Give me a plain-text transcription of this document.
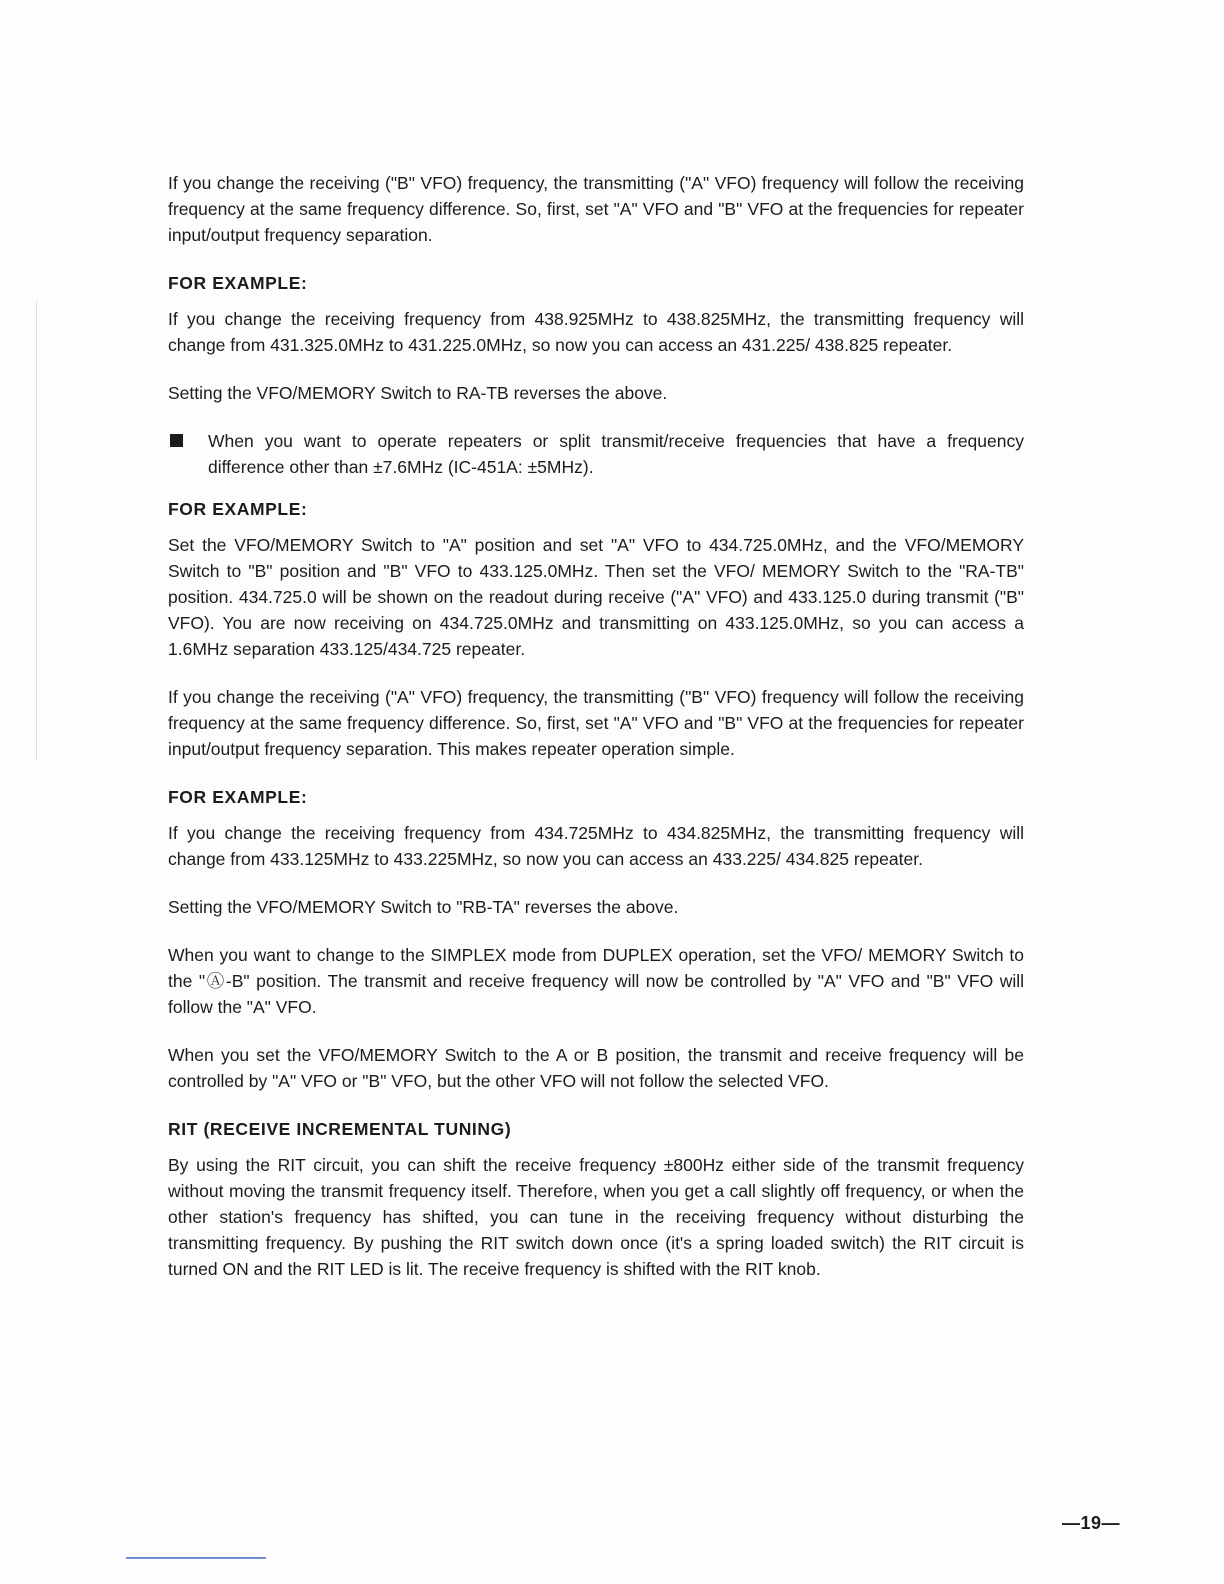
If you change the receiving ("B" VFO) frequency, the transmitting ("A" VFO) frequency will follow the receiving frequency at the same frequency difference. So, first, set "A" VFO and "B" VFO at the frequencies for repeater input/output frequency separation.

FOR EXAMPLE:

If you change the receiving frequency from 438.925MHz to 438.825MHz, the transmitting frequency will change from 431.325.0MHz to 431.225.0MHz, so now you can access an 431.225/ 438.825 repeater.

Setting the VFO/MEMORY Switch to RA-TB reverses the above.

When you want to operate repeaters or split transmit/receive frequencies that have a frequency difference other than ±7.6MHz (IC-451A: ±5MHz).

FOR EXAMPLE:

Set the VFO/MEMORY Switch to "A" position and set "A" VFO to 434.725.0MHz, and the VFO/MEMORY Switch to "B" position and "B" VFO to 433.125.0MHz. Then set the VFO/ MEMORY Switch to the "RA-TB" position. 434.725.0 will be shown on the readout during receive ("A" VFO) and 433.125.0 during transmit ("B" VFO). You are now receiving on 434.725.0MHz and transmitting on 433.125.0MHz, so you can access a 1.6MHz separation 433.125/434.725 repeater.

If you change the receiving ("A" VFO) frequency, the transmitting ("B" VFO) frequency will follow the receiving frequency at the same frequency difference. So, first, set "A" VFO and "B" VFO at the frequencies for repeater input/output frequency separation. This makes repeater operation simple.

FOR EXAMPLE:

If you change the receiving frequency from 434.725MHz to 434.825MHz, the transmitting frequency will change from 433.125MHz to 433.225MHz, so now you can access an 433.225/ 434.825 repeater.

Setting the VFO/MEMORY Switch to "RB-TA" reverses the above.

When you want to change to the SIMPLEX mode from DUPLEX operation, set the VFO/ MEMORY Switch to the "Ⓐ-B" position. The transmit and receive frequency will now be controlled by "A" VFO and "B" VFO will follow the "A" VFO.

When you set the VFO/MEMORY Switch to the A or B position, the transmit and receive frequency will be controlled by "A" VFO or "B" VFO, but the other VFO will not follow the selected VFO.

RIT (RECEIVE INCREMENTAL TUNING)

By using the RIT circuit, you can shift the receive frequency ±800Hz either side of the transmit frequency without moving the transmit frequency itself. Therefore, when you get a call slightly off frequency, or when the other station's frequency has shifted, you can tune in the receiving frequency without disturbing the transmitting frequency. By pushing the RIT switch down once (it's a spring loaded switch) the RIT circuit is turned ON and the RIT LED is lit. The receive frequency is shifted with the RIT knob.

—19—
